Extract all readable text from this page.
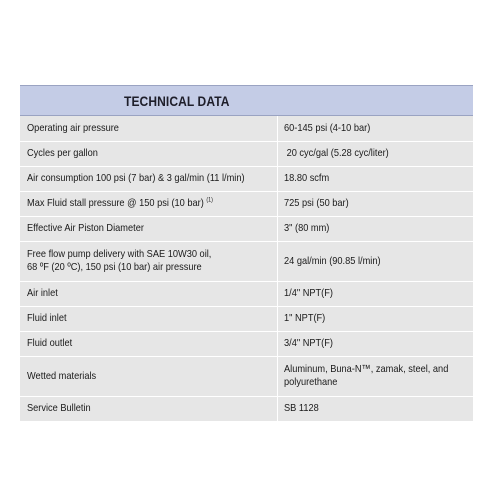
TECHNICAL DATA
Operating air pressure	60-145 psi (4-10 bar)
Cycles per gallon	20 cyc/gal (5.28 cyc/liter)
Air consumption 100 psi (7 bar) & 3 gal/min (11 l/min)	18.80 scfm
Max Fluid stall pressure @ 150 psi (10 bar) $^{(1)}$	725 psi (50 bar)
Effective Air Piston Diameter	3" (80 mm)
Free flow pump delivery with SAE 10W30 oil,
68 ºF (20 ºC), 150 psi (10 bar) air pressure	24 gal/min (90.85 l/min)
Air inlet	1/4" NPT(F)
Fluid inlet	1" NPT(F)
Fluid outlet	3/4" NPT(F)
Wetted materials	Aluminum, Buna-N™, zamak, steel, and
polyurethane
Service Bulletin	SB 1128
